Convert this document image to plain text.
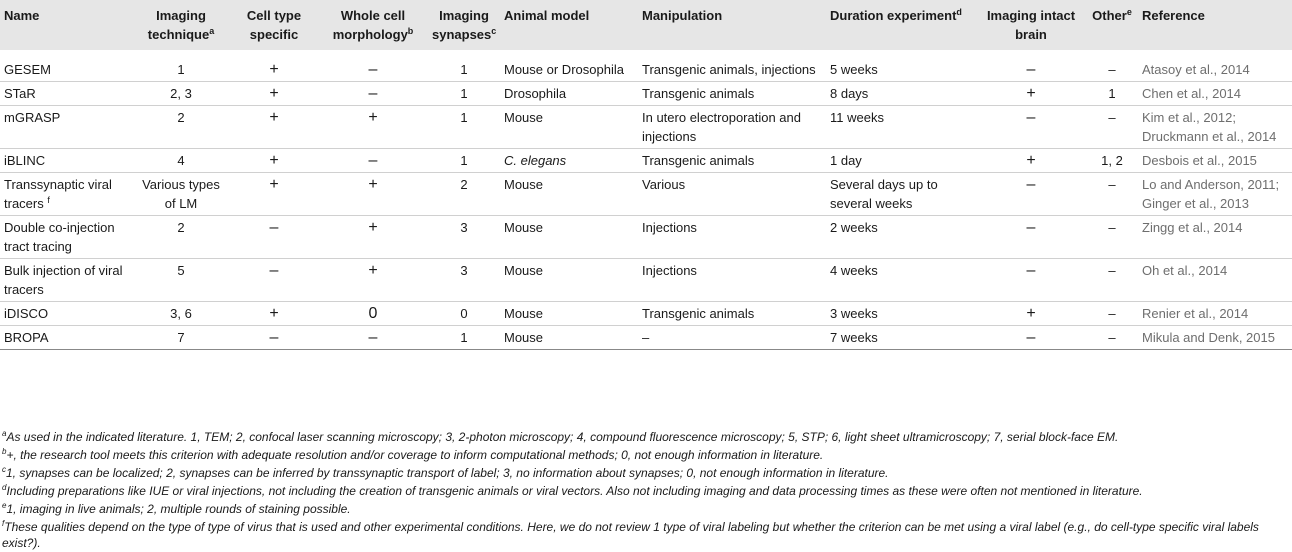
Name	Imaging technique$^a$	Cell type specific	Whole cell morphology$^b$	Imaging synapses$^c$	Animal model	Manipulation	Duration experiment$^d$	Imaging intact brain	Other$^e$	Reference
GESEM	1	+	–	1	Mouse or Drosophila	Transgenic animals, injections	5 weeks	–	–	Atasoy et al., 2014
STaR	2, 3	+	–	1	Drosophila	Transgenic animals	8 days	+	1	Chen et al., 2014
mGRASP	2	+	+	1	Mouse	In utero electroporation and injections	11 weeks	–	–	Kim et al., 2012; Druckmann et al., 2014
iBLINC	4	+	–	1	C. elegans	Transgenic animals	1 day	+	1, 2	Desbois et al., 2015
Transsynaptic viral tracers $^f$	Various types of LM	+	+	2	Mouse	Various	Several days up to several weeks	–	–	Lo and Anderson, 2011; Ginger et al., 2013
Double co-injection tract tracing	2	–	+	3	Mouse	Injections	2 weeks	–	–	Zingg et al., 2014
Bulk injection of viral tracers	5	–	+	3	Mouse	Injections	4 weeks	–	–	Oh et al., 2014
iDISCO	3, 6	+	0	0	Mouse	Transgenic animals	3 weeks	+	–	Renier et al., 2014
BROPA	7	–	–	1	Mouse	–	7 weeks	–	–	Mikula and Denk, 2015
$^a$As used in the indicated literature. 1, TEM; 2, confocal laser scanning microscopy; 3, 2-photon microscopy; 4, compound fluorescence microscopy; 5, STP; 6, light sheet ultramicroscopy; 7, serial block-face EM.
$^b$+, the research tool meets this criterion with adequate resolution and/or coverage to inform computational methods; 0, not enough information in literature.
$^c$1, synapses can be localized; 2, synapses can be inferred by transsynaptic transport of label; 3, no information about synapses; 0, not enough information in literature.
$^d$Including preparations like IUE or viral injections, not including the creation of transgenic animals or viral vectors. Also not including imaging and data processing times as these were often not mentioned in literature.
$^e$1, imaging in live animals; 2, multiple rounds of staining possible.
$^f$These qualities depend on the type of type of virus that is used and other experimental conditions. Here, we do not review 1 type of viral labeling but whether the criterion can be met using a viral label (e.g., do cell-type specific viral labels exist?).
